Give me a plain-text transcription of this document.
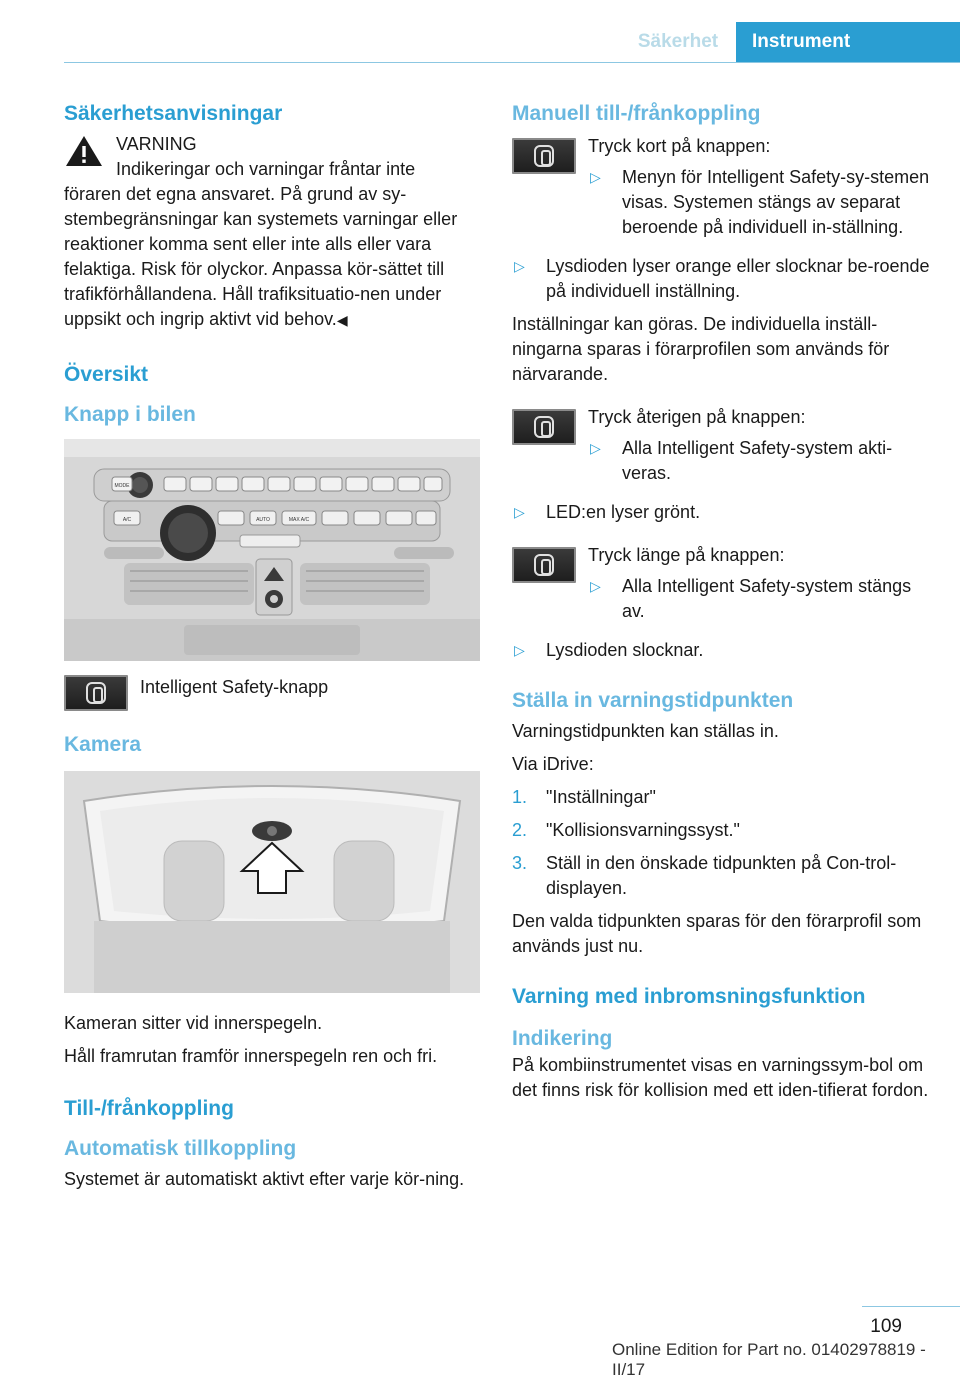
Säkerhet	Instrument
Säkerhetsanvisningar
VARNING
Indikeringar och varningar fråntar inte
föraren det egna ansvaret. På grund av sy-stembegränsningar kan systemets varningar eller reaktioner komma sent eller inte alls eller vara felaktiga. Risk för olyckor. Anpassa kör-sättet till trafikförhållandena. Håll trafiksituatio-nen under uppsikt och ingrip aktivt vid behov.◀
Översikt
Knapp i bilen
MODE
A/C	AUTO	MAX A/C
Intelligent Safety-knapp
Kamera

Kameran sitter vid innerspegeln.

Håll framrutan framför innerspegeln ren och fri.

Till-/frånkoppling
Automatisk tillkoppling

Systemet är automatiskt aktivt efter varje kör-ning.

Manuell till-/frånkoppling
Tryck kort på knappen:
▷ Menyn för Intelligent Safety-sy-stemen visas. Systemen stängs av separat beroende på individuell in-ställning.
▷ Lysdioden lyser orange eller slocknar be-roende på individuell inställning.

Inställningar kan göras. De individuella inställ-ningarna sparas i förarprofilen som används för närvarande.

Tryck återigen på knappen:
▷ Alla Intelligent Safety-system akti-veras.
▷ LED:en lyser grönt.
Tryck länge på knappen:
▷ Alla Intelligent Safety-system stängs av.
▷ Lysdioden slocknar.
Ställa in varningstidpunkten

Varningstidpunkten kan ställas in.

Via iDrive:

1. "Inställningar"
2. "Kollisionsvarningssyst."
3. Ställ in den önskade tidpunkten på Con-trol-displayen.

Den valda tidpunkten sparas för den förarprofil som används just nu.

Varning med inbromsningsfunktion
Indikering

På kombiinstrumentet visas en varningssym-bol om det finns risk för kollision med ett iden-tifierat fordon.

109
Online Edition for Part no. 01402978819 - II/17
